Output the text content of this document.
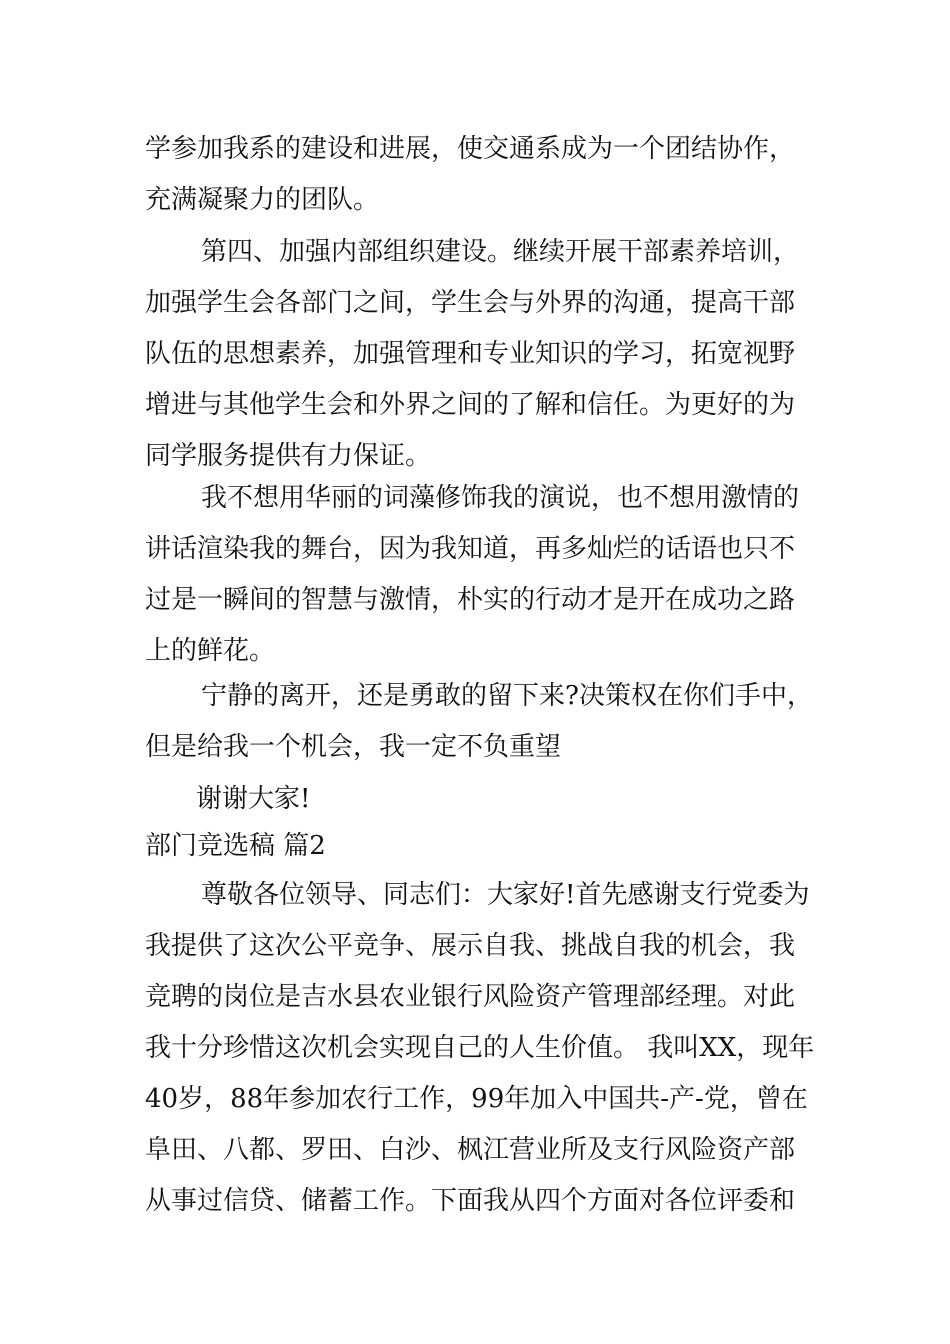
学参加我系的建设和进展，使交通系成为一个团结协作，
充满凝聚力的团队。

第四、加强内部组织建设。继续开展干部素养培训，
加强学生会各部门之间，学生会与外界的沟通，提高干部
队伍的思想素养，加强管理和专业知识的学习，拓宽视野
增进与其他学生会和外界之间的了解和信任。为更好的为
同学服务提供有力保证。

我不想用华丽的词藻修饰我的演说，也不想用激情的
讲话渲染我的舞台，因为我知道，再多灿烂的话语也只不
过是一瞬间的智慧与激情，朴实的行动才是开在成功之路
上的鲜花。

宁静的离开，还是勇敢的留下来?决策权在你们手中，
但是给我一个机会，我一定不负重望

谢谢大家!

部门竞选稿 篇2

尊敬各位领导、同志们：大家好!首先感谢支行党委为
我提供了这次公平竞争、展示自我、挑战自我的机会，我
竞聘的岗位是吉水县农业银行风险资产管理部经理。对此
我十分珍惜这次机会实现自己的人生价值。 我叫XX，现年
40岁，88年参加农行工作，99年加入中国共-产-党，曾在
阜田、八都、罗田、白沙、枫江营业所及支行风险资产部
从事过信贷、储蓄工作。下面我从四个方面对各位评委和
